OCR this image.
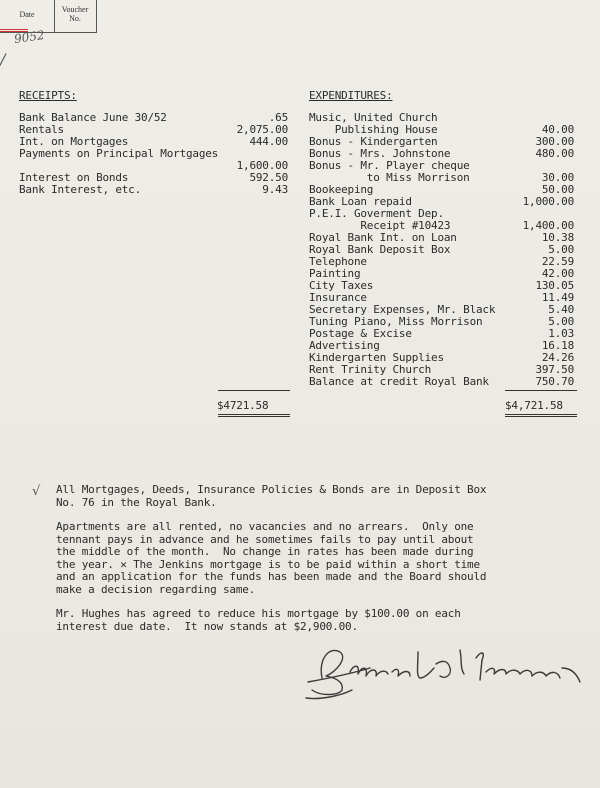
Date
Voucher
No.
9052
/
RECEIPTS:	EXPENDITURES:
Bank Balance June 30/52	.65
Rentals	2,075.00
Int. on Mortgages	444.00
Payments on Principal Mortgages
1,600.00
Interest on Bonds	592.50
Bank Interest, etc.	9.43
Music, United Church
Publishing House	40.00
Bonus - Kindergarten	300.00
Bonus - Mrs. Johnstone	480.00
Bonus - Mr. Player cheque
to Miss Morrison	30.00
Bookeeping	50.00
Bank Loan repaid	1,000.00
P.E.I. Goverment Dep.
Receipt #10423	1,400.00
Royal Bank Int. on Loan	10.38
Royal Bank Deposit Box	5.00
Telephone	22.59
Painting	42.00
City Taxes	130.05
Insurance	11.49
Secretary Expenses, Mr. Black	5.40
Tuning Piano, Miss Morrison	5.00
Postage & Excise	1.03
Advertising	16.18
Kindergarten Supplies	24.26
Rent Trinity Church	397.50
Balance at credit Royal Bank	750.70
$4721.58	$4,721.58
√ All Mortgages, Deeds, Insurance Policies & Bonds are in Deposit Box
No. 76 in the Royal Bank.
Apartments are all rented, no vacancies and no arrears.  Only one
tennant pays in advance and he sometimes fails to pay until about
the middle of the month.  No change in rates has been made during
the year. ✕ The Jenkins mortgage is to be paid within a short time
and an application for the funds has been made and the Board should
make a decision regarding same.
Mr. Hughes has agreed to reduce his mortgage by $100.00 on each
interest due date.  It now stands at $2,900.00.
